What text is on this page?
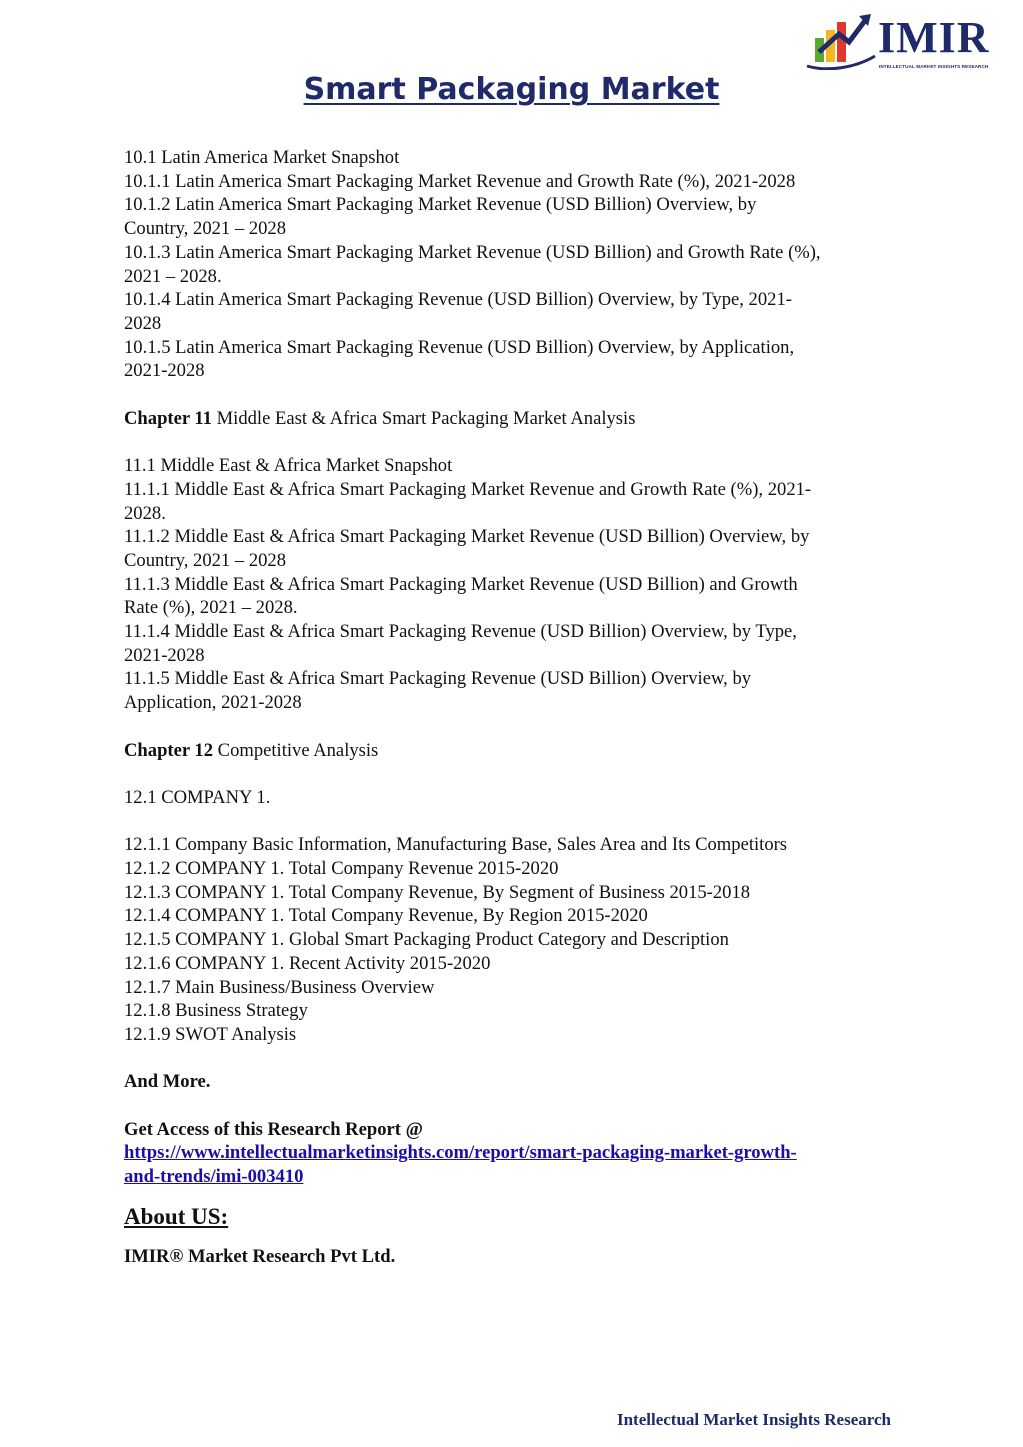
IMIR
INTELLECTUAL MARKET INSIGHTS RESEARCH
Smart Packaging Market

10.1 Latin America Market Snapshot

10.1.1 Latin America Smart Packaging Market Revenue and Growth Rate (%), 2021-2028

10.1.2 Latin America Smart Packaging Market Revenue (USD Billion) Overview, by

Country, 2021 – 2028

10.1.3 Latin America Smart Packaging Market Revenue (USD Billion) and Growth Rate (%),

2021 – 2028.

10.1.4 Latin America Smart Packaging Revenue (USD Billion) Overview, by Type, 2021-

2028

10.1.5 Latin America Smart Packaging Revenue (USD Billion) Overview, by Application,

2021-2028

Chapter 11 Middle East & Africa Smart Packaging Market Analysis

11.1 Middle East & Africa Market Snapshot

11.1.1 Middle East & Africa Smart Packaging Market Revenue and Growth Rate (%), 2021-

2028.

11.1.2 Middle East & Africa Smart Packaging Market Revenue (USD Billion) Overview, by

Country, 2021 – 2028

11.1.3 Middle East & Africa Smart Packaging Market Revenue (USD Billion) and Growth

Rate (%), 2021 – 2028.

11.1.4 Middle East & Africa Smart Packaging Revenue (USD Billion) Overview, by Type,

2021-2028

11.1.5 Middle East & Africa Smart Packaging Revenue (USD Billion) Overview, by

Application, 2021-2028

Chapter 12 Competitive Analysis

12.1 COMPANY 1.

12.1.1 Company Basic Information, Manufacturing Base, Sales Area and Its Competitors

12.1.2 COMPANY 1. Total Company Revenue 2015-2020

12.1.3 COMPANY 1. Total Company Revenue, By Segment of Business 2015-2018

12.1.4 COMPANY 1. Total Company Revenue, By Region 2015-2020

12.1.5 COMPANY 1. Global Smart Packaging Product Category and Description

12.1.6 COMPANY 1. Recent Activity 2015-2020

12.1.7 Main Business/Business Overview

12.1.8 Business Strategy

12.1.9 SWOT Analysis

And More.

Get Access of this Research Report @

https://www.intellectualmarketinsights.com/report/smart-packaging-market-growth-
and-trends/imi-003410

About US:

IMIR® Market Research Pvt Ltd.

Intellectual Market Insights Research
